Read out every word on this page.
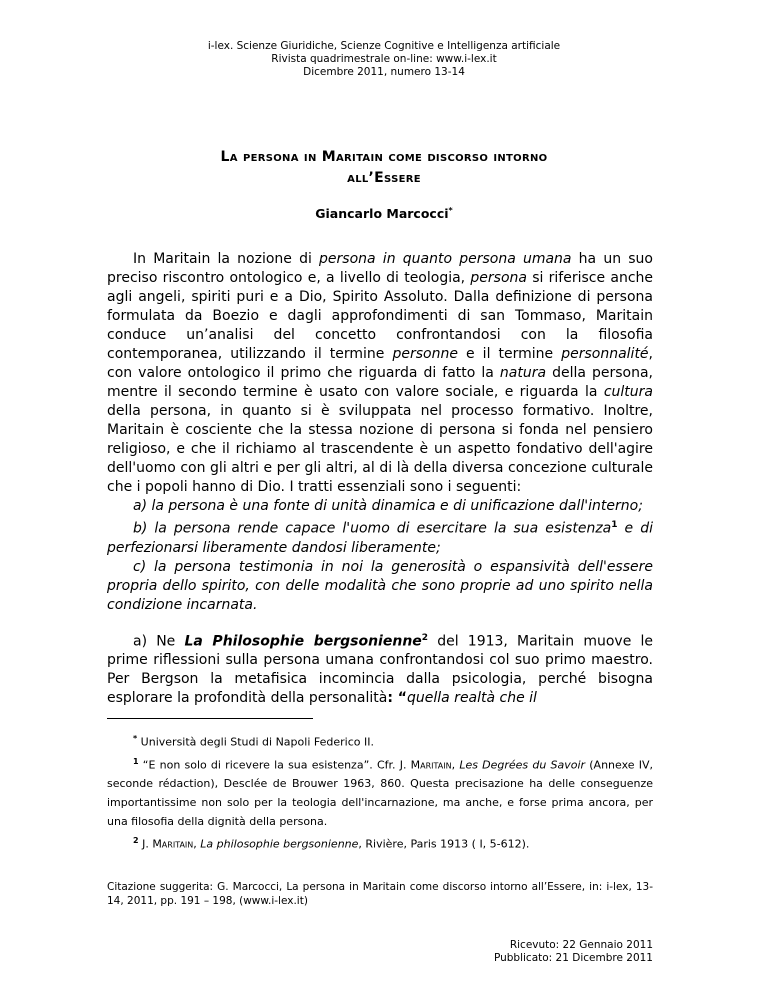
i-lex. Scienze Giuridiche, Scienze Cognitive e Intelligenza artificiale
Rivista quadrimestrale on-line: www.i-lex.it
Dicembre 2011, numero 13-14
La persona in Maritain come discorso intorno
all’Essere
Giancarlo Marcocci*

In Maritain la nozione di persona in quanto persona umana ha un suo preciso riscontro ontologico e, a livello di teologia, persona si riferisce anche agli angeli, spiriti puri e a Dio, Spirito Assoluto. Dalla definizione di persona formulata da Boezio e dagli approfondimenti di san Tommaso, Maritain conduce un’analisi del concetto confrontandosi con la filosofia contemporanea, utilizzando il termine personne e il termine personnalité, con valore ontologico il primo che riguarda di fatto la natura della persona, mentre il secondo termine è usato con valore sociale, e riguarda la cultura della persona, in quanto si è sviluppata nel processo formativo. Inoltre, Maritain è cosciente che la stessa nozione di persona si fonda nel pensiero religioso, e che il richiamo al trascendente è un aspetto fondativo dell'agire dell'uomo con gli altri e per gli altri, al di là della diversa concezione culturale che i popoli hanno di Dio. I tratti essenziali sono i seguenti:

a) la persona è una fonte di unità dinamica e di unificazione dall'interno;

b) la persona rende capace l'uomo di esercitare la sua esistenza$^1$ e di perfezionarsi liberamente dandosi liberamente;

c) la persona testimonia in noi la generosità o espansività dell'essere propria dello spirito, con delle modalità che sono proprie ad uno spirito nella condizione incarnata.

a) Ne La Philosophie bergsonienne$^2$ del 1913, Maritain muove le prime riflessioni sulla persona umana confrontandosi col suo primo maestro. Per Bergson la metafisica incomincia dalla psicologia, perché bisogna esplorare la profondità della personalità: “quella realtà che il

* Università degli Studi di Napoli Federico II.

$^1$ “E non solo di ricevere la sua esistenza”. Cfr. J. Maritain, Les Degrées du Savoir (Annexe IV, seconde rédaction), Desclée de Brouwer 1963, 860. Questa precisazione ha delle conseguenze importantissime non solo per la teologia dell'incarnazione, ma anche, e forse prima ancora, per una filosofia della dignità della persona.

$^2$ J. Maritain, La philosophie bergsonienne, Rivière, Paris 1913 ( I, 5-612).

Citazione suggerita: G. Marcocci, La persona in Maritain come discorso intorno all’Essere, in: i-lex, 13-14, 2011, pp. 191 – 198, (www.i-lex.it)
Ricevuto: 22 Gennaio 2011
Pubblicato: 21 Dicembre 2011
